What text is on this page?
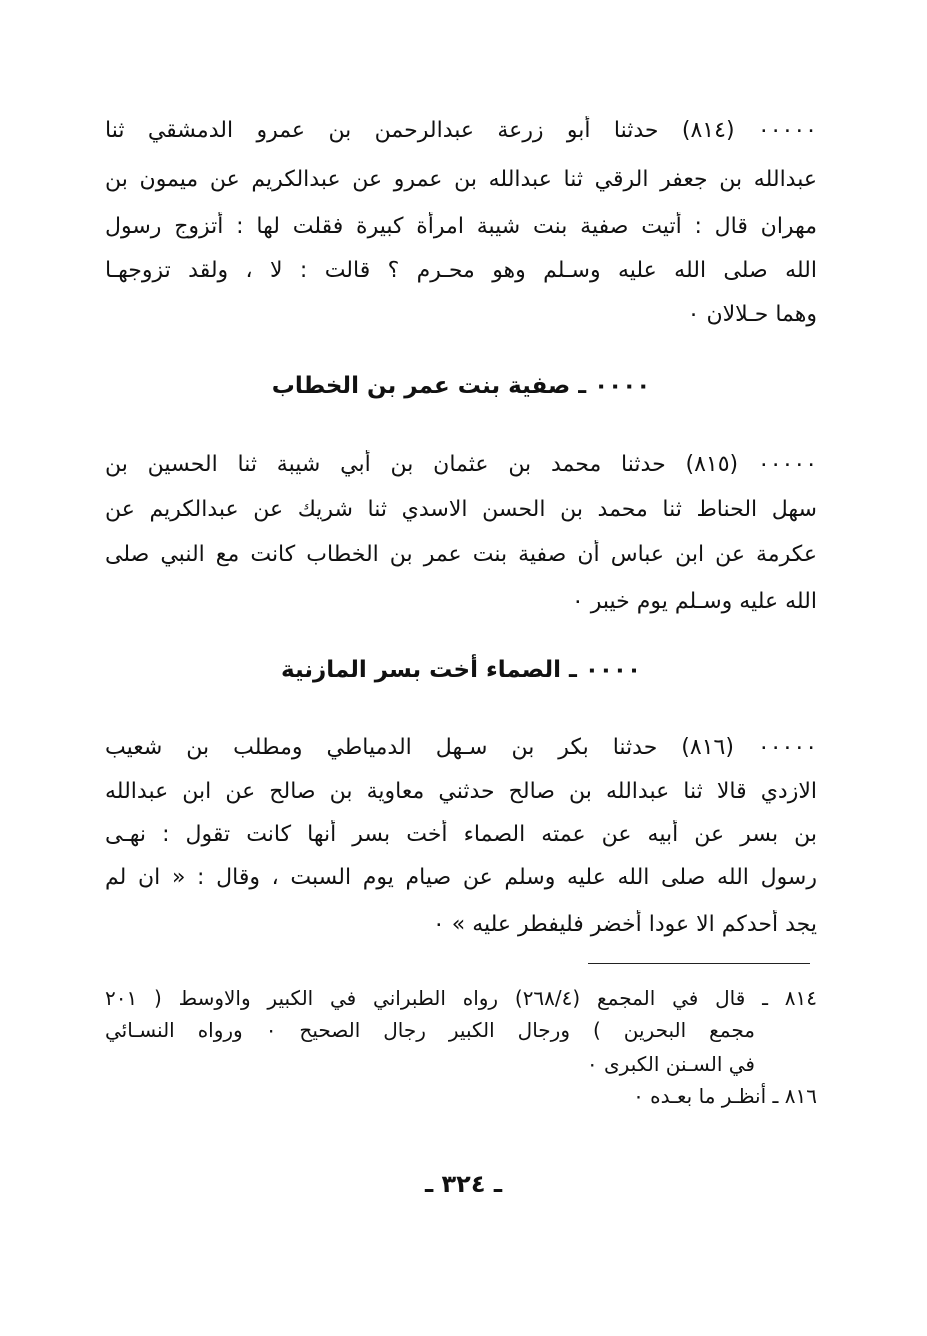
٠٠٠٠٠ (٨١٤) حدثنا أبو زرعة عبدالرحمن بن عمرو الدمشقي ثنا
عبدالله بن جعفر الرقي ثنا عبدالله بن عمرو عن عبدالكريم عن ميمون بن
مهران قال : أتيت صفية بنت شيبة امرأة كبيرة فقلت لها : أتزوج رسول
الله صلى الله عليه وسـلم وهو محـرم ؟ قالت : لا ، ولقد تزوجهـا
وهما حـلالان ٠
٠٠٠٠ ـ صفية بنت عمر بن الخطاب
٠٠٠٠٠ (٨١٥) حدثنا محمد بن عثمان بن أبي شيبة ثنا الحسين بن
سهل الحناط ثنا محمد بن الحسن الاسدي ثنا شريك عن عبدالكريم عن
عكرمة عن ابن عباس أن صفية بنت عمر بن الخطاب كانت مع النبي صلى
الله عليه وسـلم يوم خيبر ٠
٠٠٠٠ ـ الصماء أخت بسر المازنية
٠٠٠٠٠ (٨١٦) حدثنا بكر بن سـهل الدمياطي ومطلب بن شعيب
الازدي قالا ثنا عبدالله بن صالح حدثني معاوية بن صالح عن ابن عبدالله
بن بسر عن أبيه عن عمته الصماء أخت بسر أنها كانت تقول : نهـى
رسول الله صلى الله عليه وسلم عن صيام يوم السبت ، وقال : « ان لم
يجد أحدكم الا عودا أخضر فليفطر عليه » ٠
٨١٤ ـ قال في المجمع (٢٦٨/٤) رواه الطبراني في الكبير والاوسط ( ٢٠١
مجمع البحرين ) ورجال الكبير رجال الصحيح ٠ ورواه النسـائي
في السـنن الكبرى ٠
٨١٦ ـ أنظـر ما بعـده ٠
ـ ٣٢٤ ـ
